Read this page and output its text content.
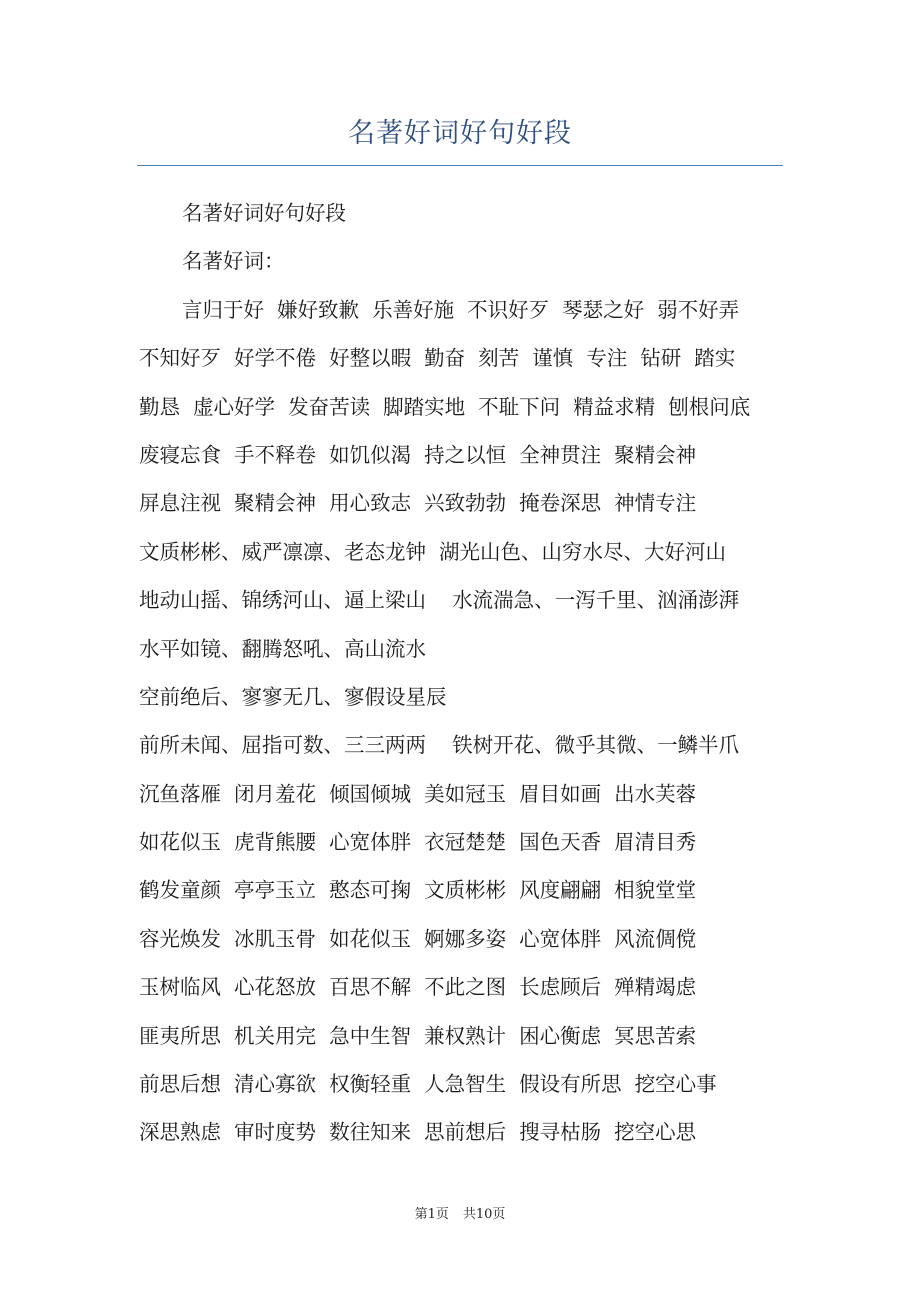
名著好词好句好段
名著好词好句好段
名著好词：
言归于好  嫌好致歉  乐善好施  不识好歹  琴瑟之好  弱不好弄
不知好歹  好学不倦  好整以暇  勤奋  刻苦  谨慎  专注  钻研  踏实
勤恳  虚心好学  发奋苦读  脚踏实地  不耻下问  精益求精  刨根问底
废寝忘食  手不释卷  如饥似渴  持之以恒  全神贯注  聚精会神
屏息注视  聚精会神  用心致志  兴致勃勃  掩卷深思  神情专注
文质彬彬、威严凛凛、老态龙钟  湖光山色、山穷水尽、大好河山
地动山摇、锦绣河山、逼上梁山    水流湍急、一泻千里、汹涌澎湃
水平如镜、翻腾怒吼、高山流水
空前绝后、寥寥无几、寥假设星辰
前所未闻、屈指可数、三三两两    铁树开花、微乎其微、一鳞半爪
沉鱼落雁  闭月羞花  倾国倾城  美如冠玉  眉目如画  出水芙蓉
如花似玉  虎背熊腰  心宽体胖  衣冠楚楚  国色天香  眉清目秀
鹤发童颜  亭亭玉立  憨态可掬  文质彬彬  风度翩翩  相貌堂堂
容光焕发  冰肌玉骨  如花似玉  婀娜多姿  心宽体胖  风流倜傥
玉树临风  心花怒放  百思不解  不此之图  长虑顾后  殚精竭虑
匪夷所思  机关用完  急中生智  兼权熟计  困心衡虑  冥思苦索
前思后想  清心寡欲  权衡轻重  人急智生  假设有所思  挖空心事
深思熟虑  审时度势  数往知来  思前想后  搜寻枯肠  挖空心思
第1页 共10页
